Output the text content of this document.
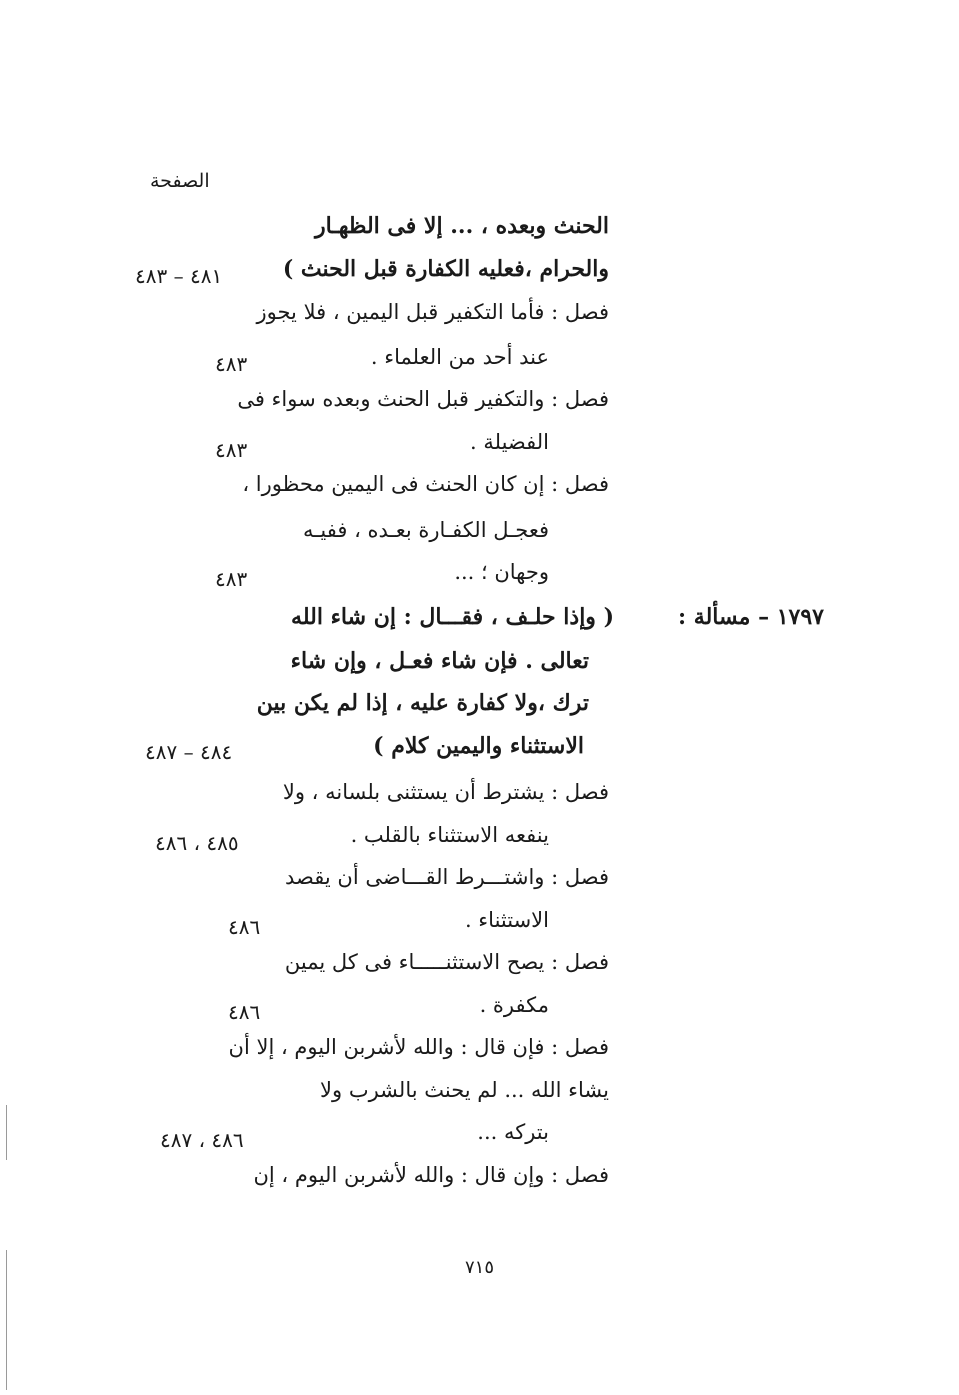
الصفحة
الحنث وبعده ، ... إلا فى الظهـار
والحرام ،فعليه الكفارة قبل الحنث )
٤٨١ – ٤٨٣
فصل : فأما التكفير قبل اليمين ، فلا يجوز
عند أحد من العلماء .
٤٨٣
فصل : والتكفير قبل الحنث وبعده سواء فى
الفضيلة .
٤٨٣
فصل : إن كان الحنث فى اليمين محظورا ،
فعجـل الكفـارة بعـده ، ففيـه
وجهان ؛ ...
٤٨٣
١٧٩٧ – مسألة :
( وإذا حلـف ، فقـــال : إن شاء الله
تعالى . فإن شاء فعـل ، وإن شاء
ترك ،ولا كفارة عليه ، إذا لم يكن بين
الاستثناء واليمين كلام )
٤٨٤ – ٤٨٧
فصل : يشترط أن يستثنى بلسانه ، ولا
ينفعه الاستثناء بالقلب .
٤٨٥ ، ٤٨٦
فصل : واشتـــرط القـــاضى أن يقصد
الاستثناء .
٤٨٦
فصل : يصح الاستثنـــــاء فى كل يمين
مكفرة .
٤٨٦
فصل : فإن قال : والله لأشربن اليوم ، إلا أن
يشاء الله ... لم يحنث بالشرب ولا
بتركه ...
٤٨٦ ، ٤٨٧
فصل : وإن قال : والله لأشربن اليوم ، إن
٧١٥
